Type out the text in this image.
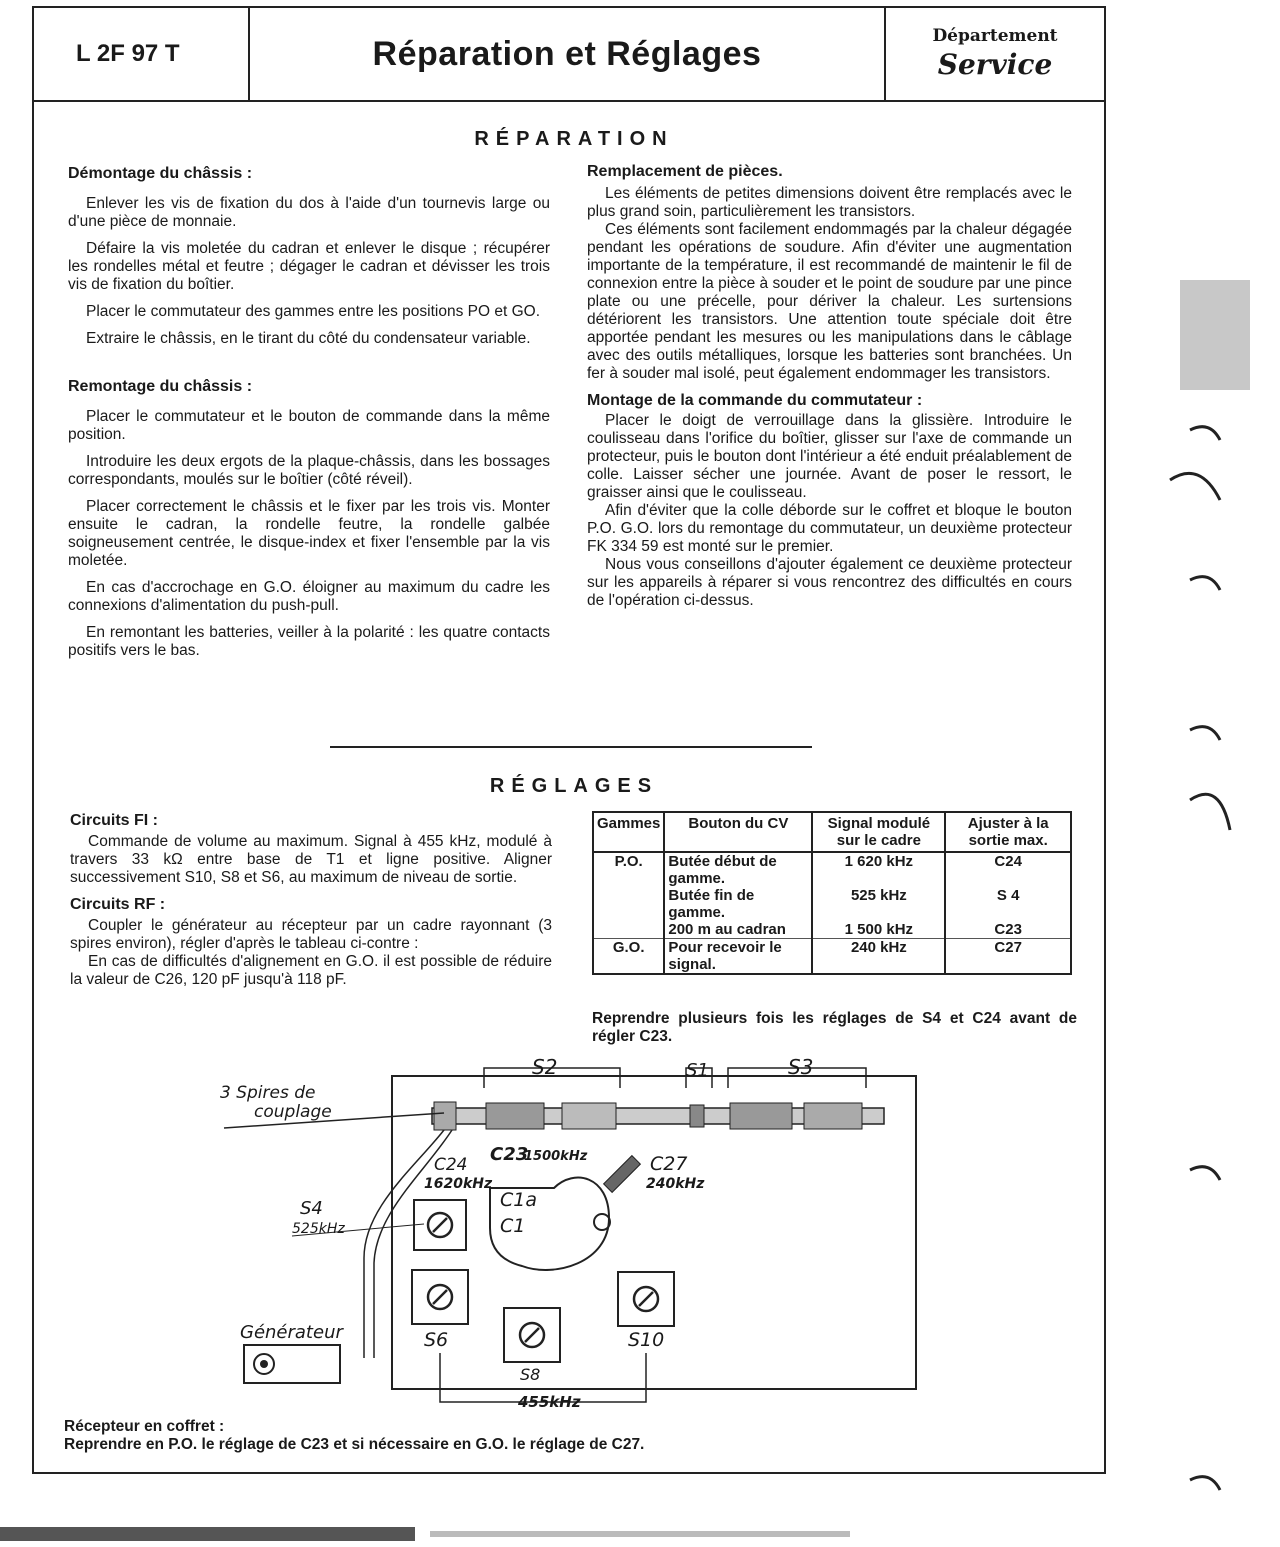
L 2F 97 T	Réparation et Réglages	Département
Service
RÉPARATION
Démontage du châssis :

Enlever les vis de fixation du dos à l'aide d'un tournevis large ou d'une pièce de monnaie.

Défaire la vis moletée du cadran et enlever le disque ; récupérer les rondelles métal et feutre ; dégager le cadran et dévisser les trois vis de fixation du boîtier.

Placer le commutateur des gammes entre les positions PO et GO.

Extraire le châssis, en le tirant du côté du condensateur variable.

Remontage du châssis :

Placer le commutateur et le bouton de commande dans la même position.

Introduire les deux ergots de la plaque-châssis, dans les bossages correspondants, moulés sur le boîtier (côté réveil).

Placer correctement le châssis et le fixer par les trois vis. Monter ensuite le cadran, la rondelle feutre, la rondelle galbée soigneusement centrée, le disque-index et fixer l'ensemble par la vis moletée.

En cas d'accrochage en G.O. éloigner au maximum du cadre les connexions d'alimentation du push-pull.

En remontant les batteries, veiller à la polarité : les quatre contacts positifs vers le bas.

Remplacement de pièces.

Les éléments de petites dimensions doivent être remplacés avec le plus grand soin, particulièrement les transistors.

Ces éléments sont facilement endommagés par la chaleur dégagée pendant les opérations de soudure. Afin d'éviter une augmentation importante de la température, il est recommandé de maintenir le fil de connexion entre la pièce à souder et le point de soudure par une pince plate ou une précelle, pour dériver la chaleur. Les surtensions détériorent les transistors. Une attention toute spéciale doit être apportée pendant les mesures ou les manipulations dans le câblage avec des outils métalliques, lorsque les batteries sont branchées. Un fer à souder mal isolé, peut également endommager les transistors.

Montage de la commande du commutateur :

Placer le doigt de verrouillage dans la glissière. Introduire le coulisseau dans l'orifice du boîtier, glisser sur l'axe de commande un protecteur, puis le bouton dont l'intérieur a été enduit préalablement de colle. Laisser sécher une journée. Avant de poser le ressort, le graisser ainsi que le coulisseau.

Afin d'éviter que la colle déborde sur le coffret et bloque le bouton P.O. G.O. lors du remontage du commutateur, un deuxième protecteur FK 334 59 est monté sur le premier.

Nous vous conseillons d'ajouter également ce deuxième protecteur sur les appareils à réparer si vous rencontrez des difficultés en cours de l'opération ci-dessus.

RÉGLAGES
Circuits FI :

Commande de volume au maximum. Signal à 455 kHz, modulé à travers 33 kΩ entre base de T1 et ligne positive. Aligner successivement S10, S8 et S6, au maximum de niveau de sortie.

Circuits RF :

Coupler le générateur au récepteur par un cadre rayonnant (3 spires environ), régler d'après le tableau ci-contre :

En cas de difficultés d'alignement en G.O. il est possible de réduire la valeur de C26, 120 pF jusqu'à 118 pF.

Gammes	Bouton du CV	Signal modulé sur le cadre	Ajuster à la sortie max.
P.O.	Butée début de gamme.	1 620 kHz	C24
	Butée fin de gamme.	525 kHz	S 4
	200 m au cadran	1 500 kHz	C23
G.O.	Pour recevoir le signal.	240 kHz	C27

Reprendre plusieurs fois les réglages de S4 et C24 avant de régler C23.

S2	S1	S3
3 Spires de
couplage
Générateur
S4
525kHz
C1a
C1
C24
1620kHz
C23
1500kHz	C27
240kHz
S6
S8
S10
455kHz
Récepteur en coffret :
Reprendre en P.O. le réglage de C23 et si nécessaire en G.O. le réglage de C27.
